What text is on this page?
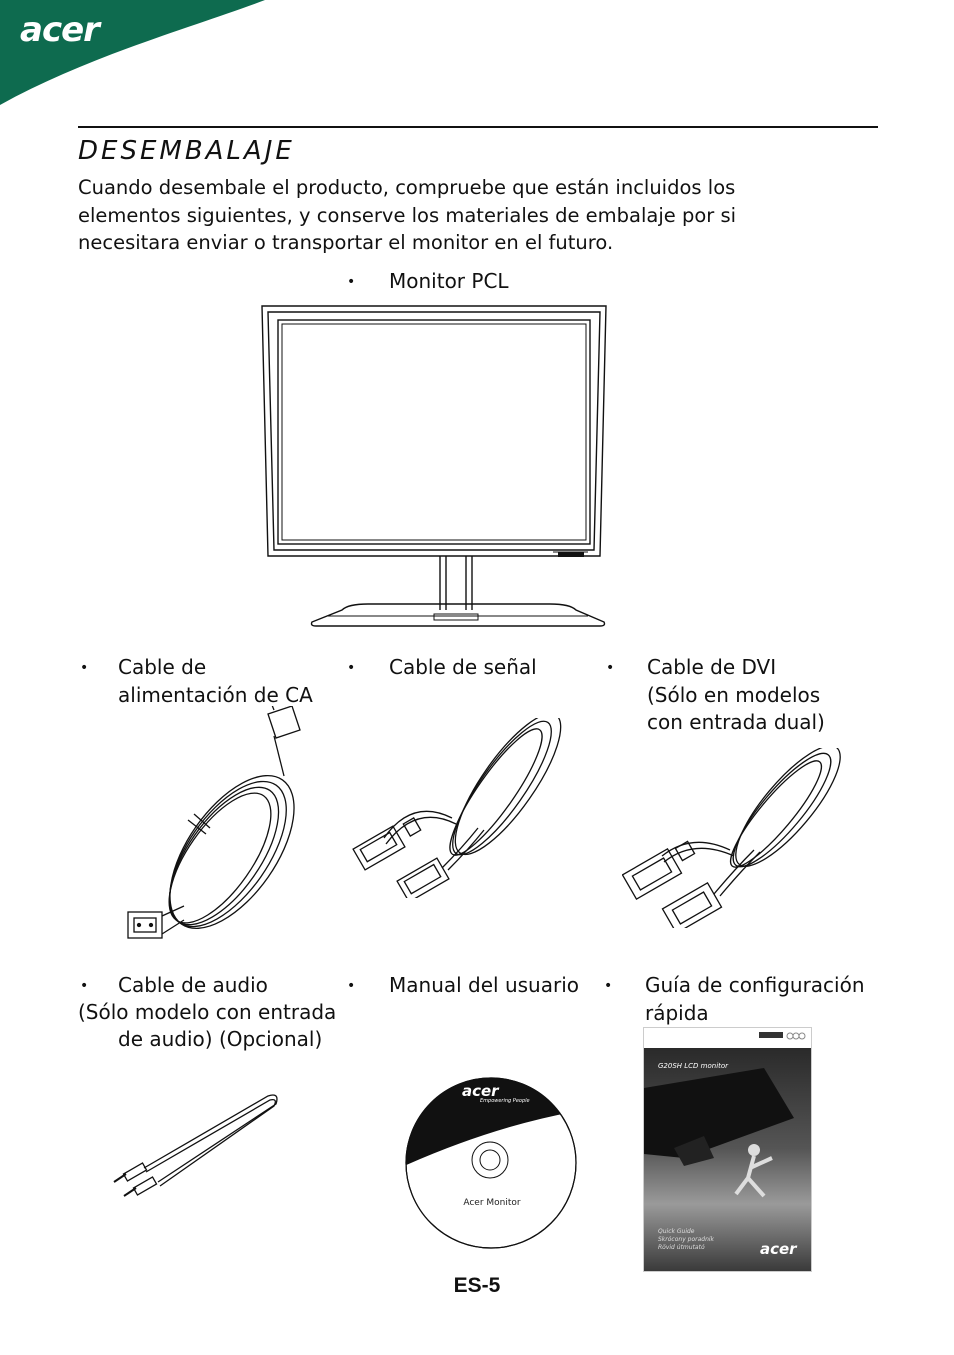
acer
DESEMBALAJE

Cuando desembale el producto, compruebe que están incluidos los elementos siguientes, y conserve los materiales de embalaje por si necesitara enviar o transportar el monitor en el futuro.

• Monitor PCL
• Cable de
alimentación de CA
• Cable de señal	• Cable de DVI
(Sólo en modelos
con entrada dual)
• Cable de audio
(Sólo modelo con entrada
de audio) (Opcional)
• Manual del usuario • Guía de configuración
rápida
acer
Empowering People
Acer Monitor
G20SH LCD monitor
Quick Guide
Skrócony poradnik
Rövid útmutató	acer
ES-5
